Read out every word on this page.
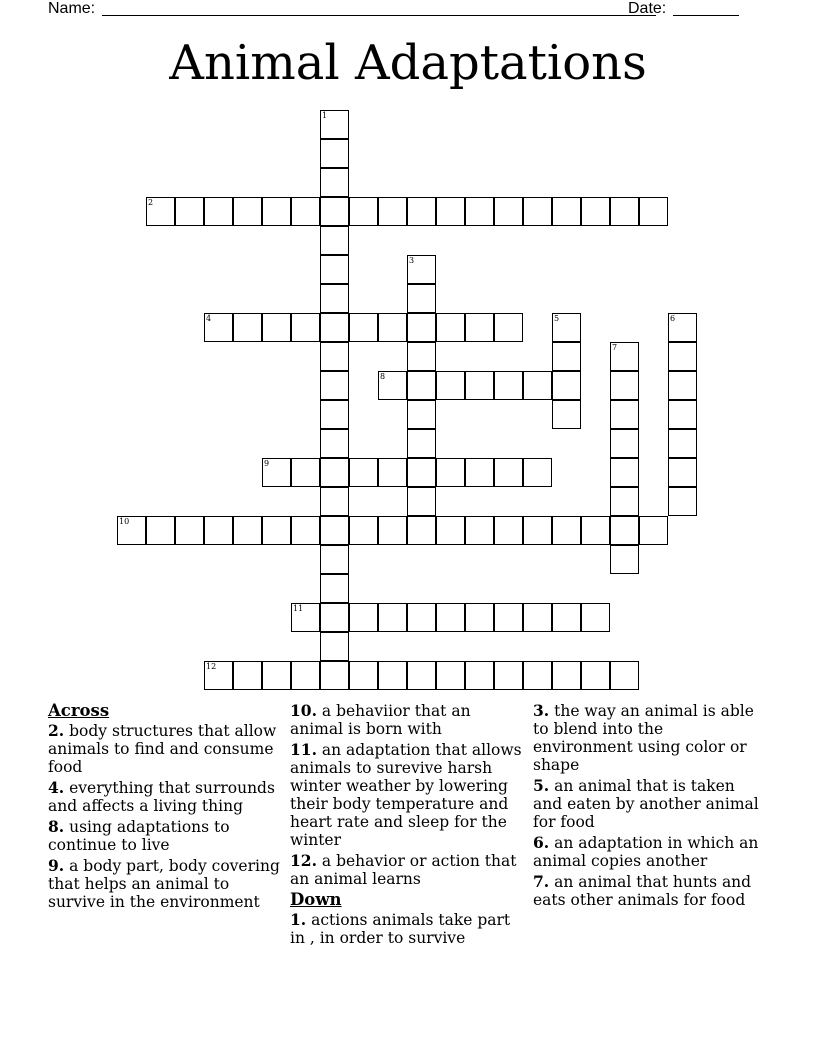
Name:	Date:
Animal Adaptations
1
2
3
4	5	6
7
8
9
10
11
12
Across
2. body structures that allow animals to find and consume food
4. everything that surrounds and affects a living thing
8. using adaptations to continue to live
9. a body part, body covering that helps an animal to survive in the environment
10. a behaviior that an animal is born with
11. an adaptation that allows animals to surevive harsh winter weather by lowering their body temperature and heart rate and sleep for the winter
12. a behavior or action that an animal learns
Down
1. actions animals take part in , in order to survive
3. the way an animal is able to blend into the environment using color or shape
5. an animal that is taken and eaten by another animal for food
6. an adaptation in which an animal copies another
7. an animal that hunts and eats other animals for food
